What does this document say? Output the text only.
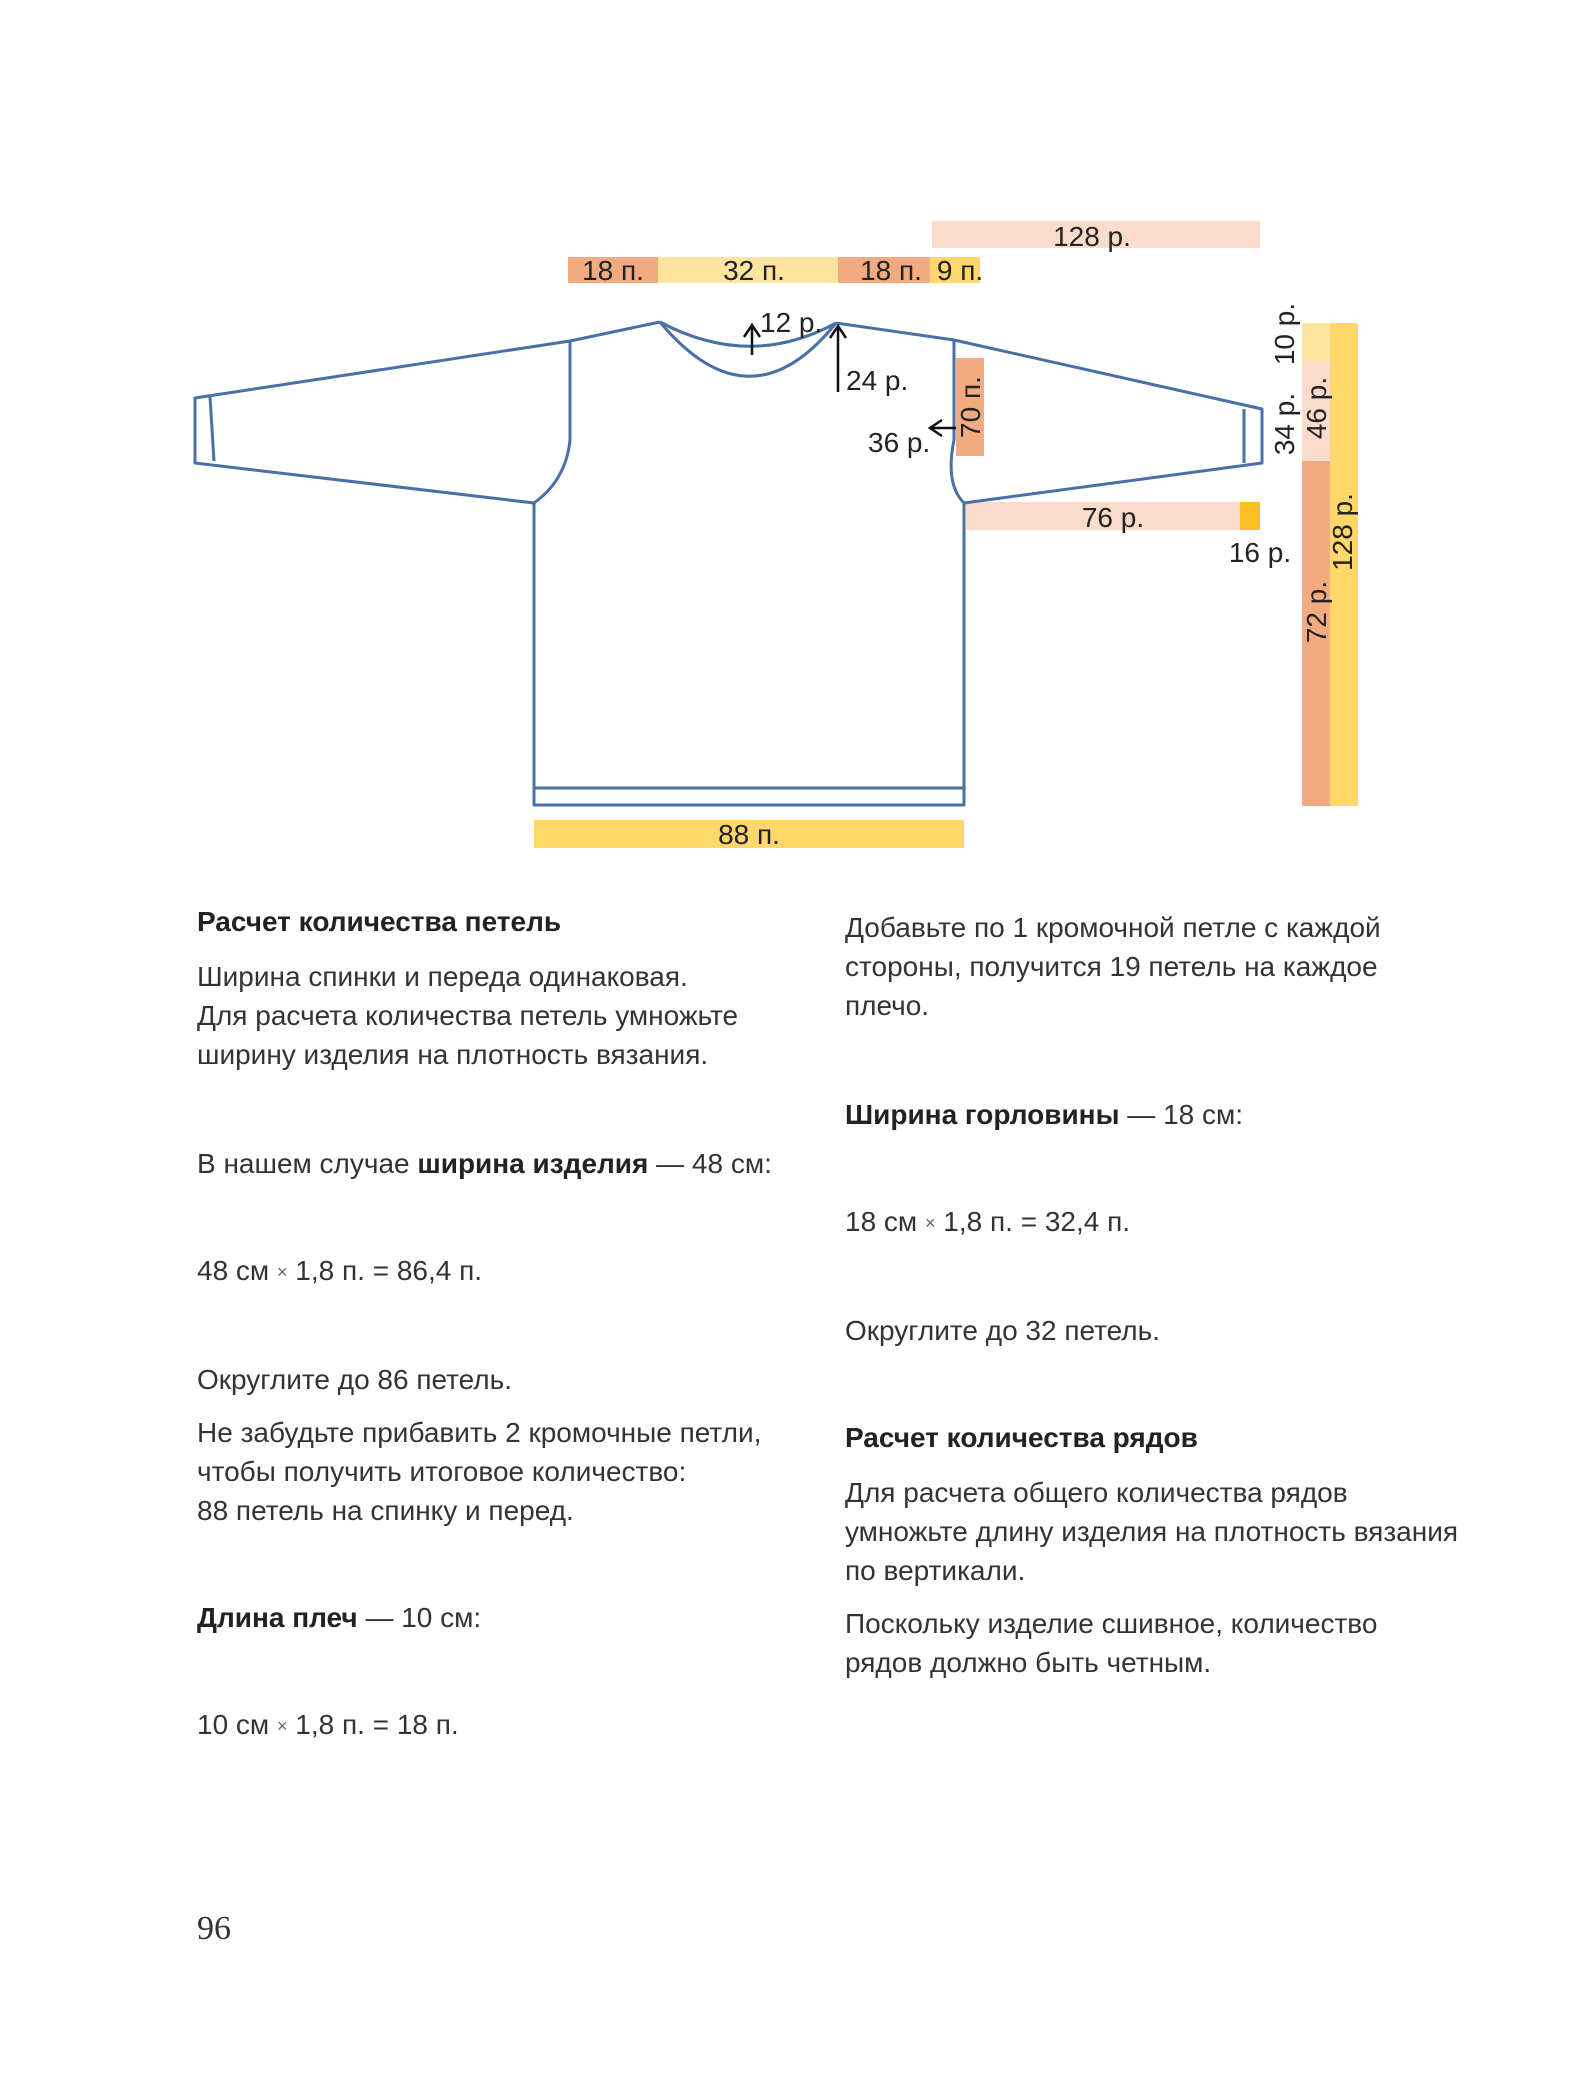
128 р.
18 п.	32 п.	18 п. 9 п.
12 р.
24 р.
36 р.
70 п.
76 р.
16 р.
10 р.
34 р. 46 р.
72 р.
128 р.
88 п.

Расчет количества петель

Ширина спинки и переда одинаковая.
Для расчета количества петель умножьте
ширину изделия на плотность вязания.

В нашем случае ширина изделия — 48 см:

48 см × 1,8 п. = 86,4 п.

Округлите до 86 петель.

Не забудьте прибавить 2 кромочные петли,
чтобы получить итоговое количество:
88 петель на спинку и перед.

Длина плеч — 10 см:

10 см × 1,8 п. = 18 п.

Добавьте по 1 кромочной петле с каждой
стороны, получится 19 петель на каждое
плечо.

Ширина горловины — 18 см:

18 см × 1,8 п. = 32,4 п.

Округлите до 32 петель.

Расчет количества рядов

Для расчета общего количества рядов
умножьте длину изделия на плотность вязания
по вертикали.

Поскольку изделие сшивное, количество
рядов должно быть четным.

96
